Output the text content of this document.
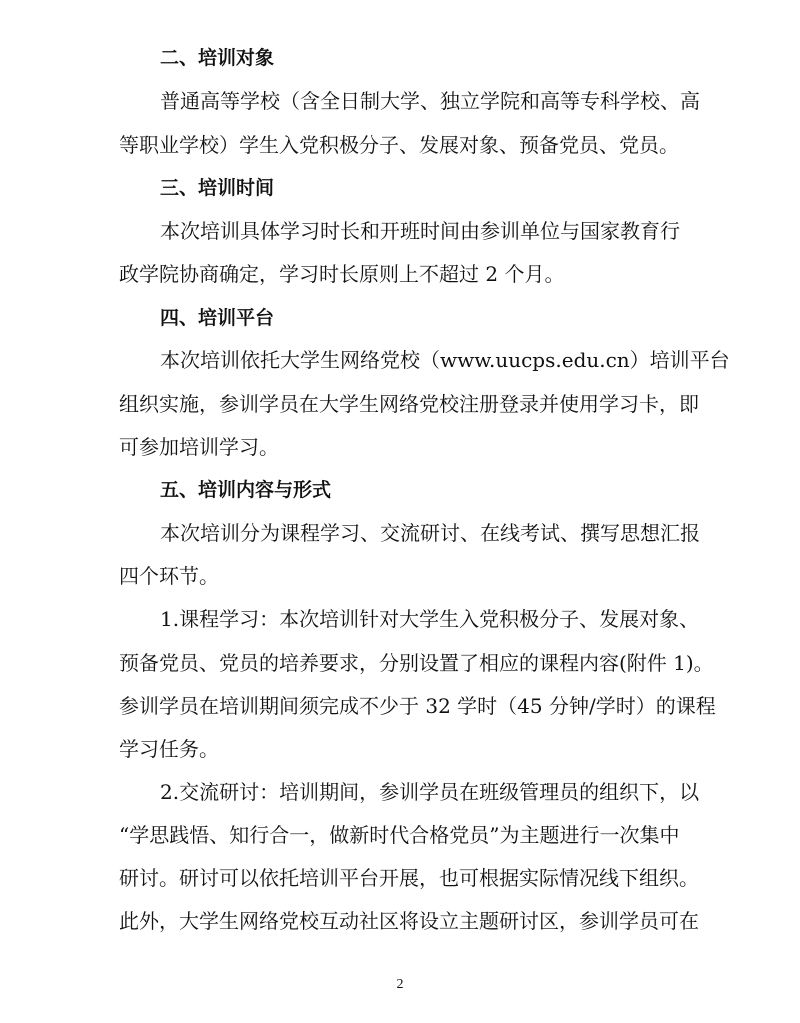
二、培训对象
普通高等学校（含全日制大学、独立学院和高等专科学校、高
等职业学校）学生入党积极分子、发展对象、预备党员、党员。
三、培训时间
本次培训具体学习时长和开班时间由参训单位与国家教育行
政学院协商确定，学习时长原则上不超过 2 个月。
四、培训平台
本次培训依托大学生网络党校（www.uucps.edu.cn）培训平台
组织实施，参训学员在大学生网络党校注册登录并使用学习卡，即
可参加培训学习。
五、培训内容与形式
本次培训分为课程学习、交流研讨、在线考试、撰写思想汇报
四个环节。
1.课程学习：本次培训针对大学生入党积极分子、发展对象、
预备党员、党员的培养要求，分别设置了相应的课程内容(附件 1)。
参训学员在培训期间须完成不少于 32 学时（45 分钟/学时）的课程
学习任务。
2.交流研讨：培训期间，参训学员在班级管理员的组织下，以
“学思践悟、知行合一，做新时代合格党员”为主题进行一次集中
研讨。研讨可以依托培训平台开展，也可根据实际情况线下组织。
此外，大学生网络党校互动社区将设立主题研讨区，参训学员可在
2
